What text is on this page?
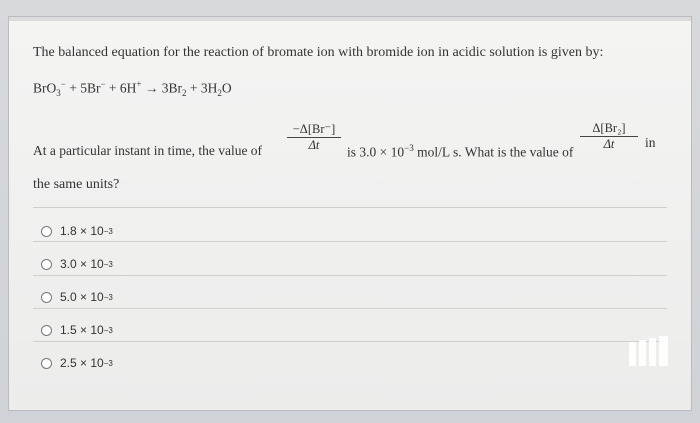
The balanced equation for the reaction of bromate ion with bromide ion in acidic solution is given by:
$BrO_3^- + 5Br^- + 6H^+ \to 3Br_2 + 3H_2O$
At a particular instant in time, the value of $\frac{-\Delta[Br^-]}{\Delta t}$ is $3.0 \times 10^{-3}$ mol/L s. What is the value of $\frac{\text{Δ[Br₂]}}{\Delta t}$ in
the same units?
1.8 × 10 −3
3.0 × 10 −3
5.0 × 10 −3
1.5 × 10 −3
2.5 × 10 −3
